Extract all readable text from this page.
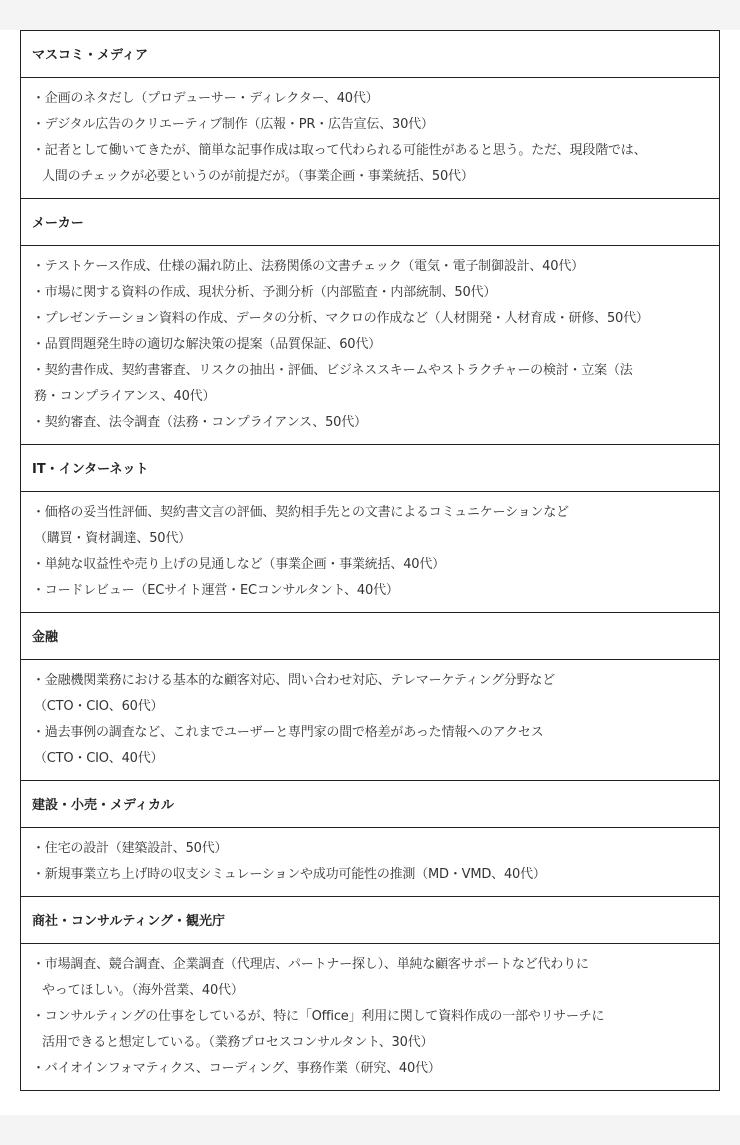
マスコミ・メディア
・企画のネタだし（プロデューサー・ディレクター、40代）
・デジタル広告のクリエーティブ制作（広報・PR・広告宣伝、30代）
・記者として働いてきたが、簡単な記事作成は取って代わられる可能性があると思う。ただ、現段階では、
人間のチェックが必要というのが前提だが。（事業企画・事業統括、50代）
メーカー
・テストケース作成、仕様の漏れ防止、法務関係の文書チェック（電気・電子制御設計、40代）
・市場に関する資料の作成、現状分析、予測分析（内部監査・内部統制、50代）
・プレゼンテーション資料の作成、データの分析、マクロの作成など（人材開発・人材育成・研修、50代）
・品質問題発生時の適切な解決策の提案（品質保証、60代）
・契約書作成、契約書審査、リスクの抽出・評価、ビジネススキームやストラクチャーの検討・立案（法
務・コンプライアンス、40代）
・契約審査、法令調査（法務・コンプライアンス、50代）
IT・インターネット
・価格の妥当性評価、契約書文言の評価、契約相手先との文書によるコミュニケーションなど
（購買・資材調達、50代）
・単純な収益性や売り上げの見通しなど（事業企画・事業統括、40代）
・コードレビュー（ECサイト運営・ECコンサルタント、40代）
金融
・金融機関業務における基本的な顧客対応、問い合わせ対応、テレマーケティング分野など
（CTO・CIO、60代）
・過去事例の調査など、これまでユーザーと専門家の間で格差があった情報へのアクセス
（CTO・CIO、40代）
建設・小売・メディカル
・住宅の設計（建築設計、50代）
・新規事業立ち上げ時の収支シミュレーションや成功可能性の推測（MD・VMD、40代）
商社・コンサルティング・観光庁
・市場調査、競合調査、企業調査（代理店、パートナー探し）、単純な顧客サポートなど代わりに
やってほしい。（海外営業、40代）
・コンサルティングの仕事をしているが、特に「Office」利用に関して資料作成の一部やリサーチに
活用できると想定している。（業務プロセスコンサルタント、30代）
・バイオインフォマティクス、コーディング、事務作業（研究、40代）
